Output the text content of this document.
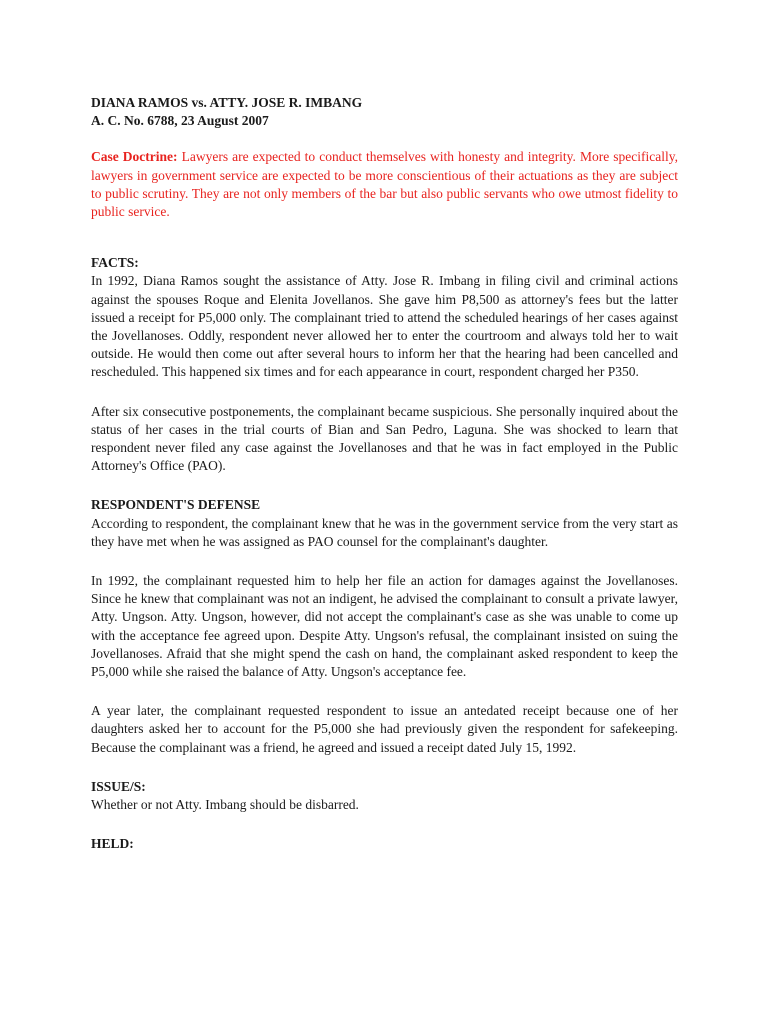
DIANA RAMOS vs. ATTY. JOSE R. IMBANG

A. C. No. 6788, 23 August 2007

Case Doctrine: Lawyers are expected to conduct themselves with honesty and integrity. More specifically, lawyers in government service are expected to be more conscientious of their actuations as they are subject to public scrutiny. They are not only members of the bar but also public servants who owe utmost fidelity to public service.

FACTS:

In 1992, Diana Ramos sought the assistance of Atty. Jose R. Imbang in filing civil and criminal actions against the spouses Roque and Elenita Jovellanos. She gave him P8,500 as attorney's fees but the latter issued a receipt for P5,000 only. The complainant tried to attend the scheduled hearings of her cases against the Jovellanoses. Oddly, respondent never allowed her to enter the courtroom and always told her to wait outside. He would then come out after several hours to inform her that the hearing had been cancelled and rescheduled. This happened six times and for each appearance in court, respondent charged her P350.

After six consecutive postponements, the complainant became suspicious. She personally inquired about the status of her cases in the trial courts of Bian and San Pedro, Laguna. She was shocked to learn that respondent never filed any case against the Jovellanoses and that he was in fact employed in the Public Attorney's Office (PAO).

RESPONDENT'S DEFENSE

According to respondent, the complainant knew that he was in the government service from the very start as they have met when he was assigned as PAO counsel for the complainant's daughter.

In 1992, the complainant requested him to help her file an action for damages against the Jovellanoses. Since he knew that complainant was not an indigent, he advised the complainant to consult a private lawyer, Atty. Ungson. Atty. Ungson, however, did not accept the complainant's case as she was unable to come up with the acceptance fee agreed upon. Despite Atty. Ungson's refusal, the complainant insisted on suing the Jovellanoses. Afraid that she might spend the cash on hand, the complainant asked respondent to keep the P5,000 while she raised the balance of Atty. Ungson's acceptance fee.

A year later, the complainant requested respondent to issue an antedated receipt because one of her daughters asked her to account for the P5,000 she had previously given the respondent for safekeeping. Because the complainant was a friend, he agreed and issued a receipt dated July 15, 1992.

ISSUE/S:

Whether or not Atty. Imbang should be disbarred.

HELD:
